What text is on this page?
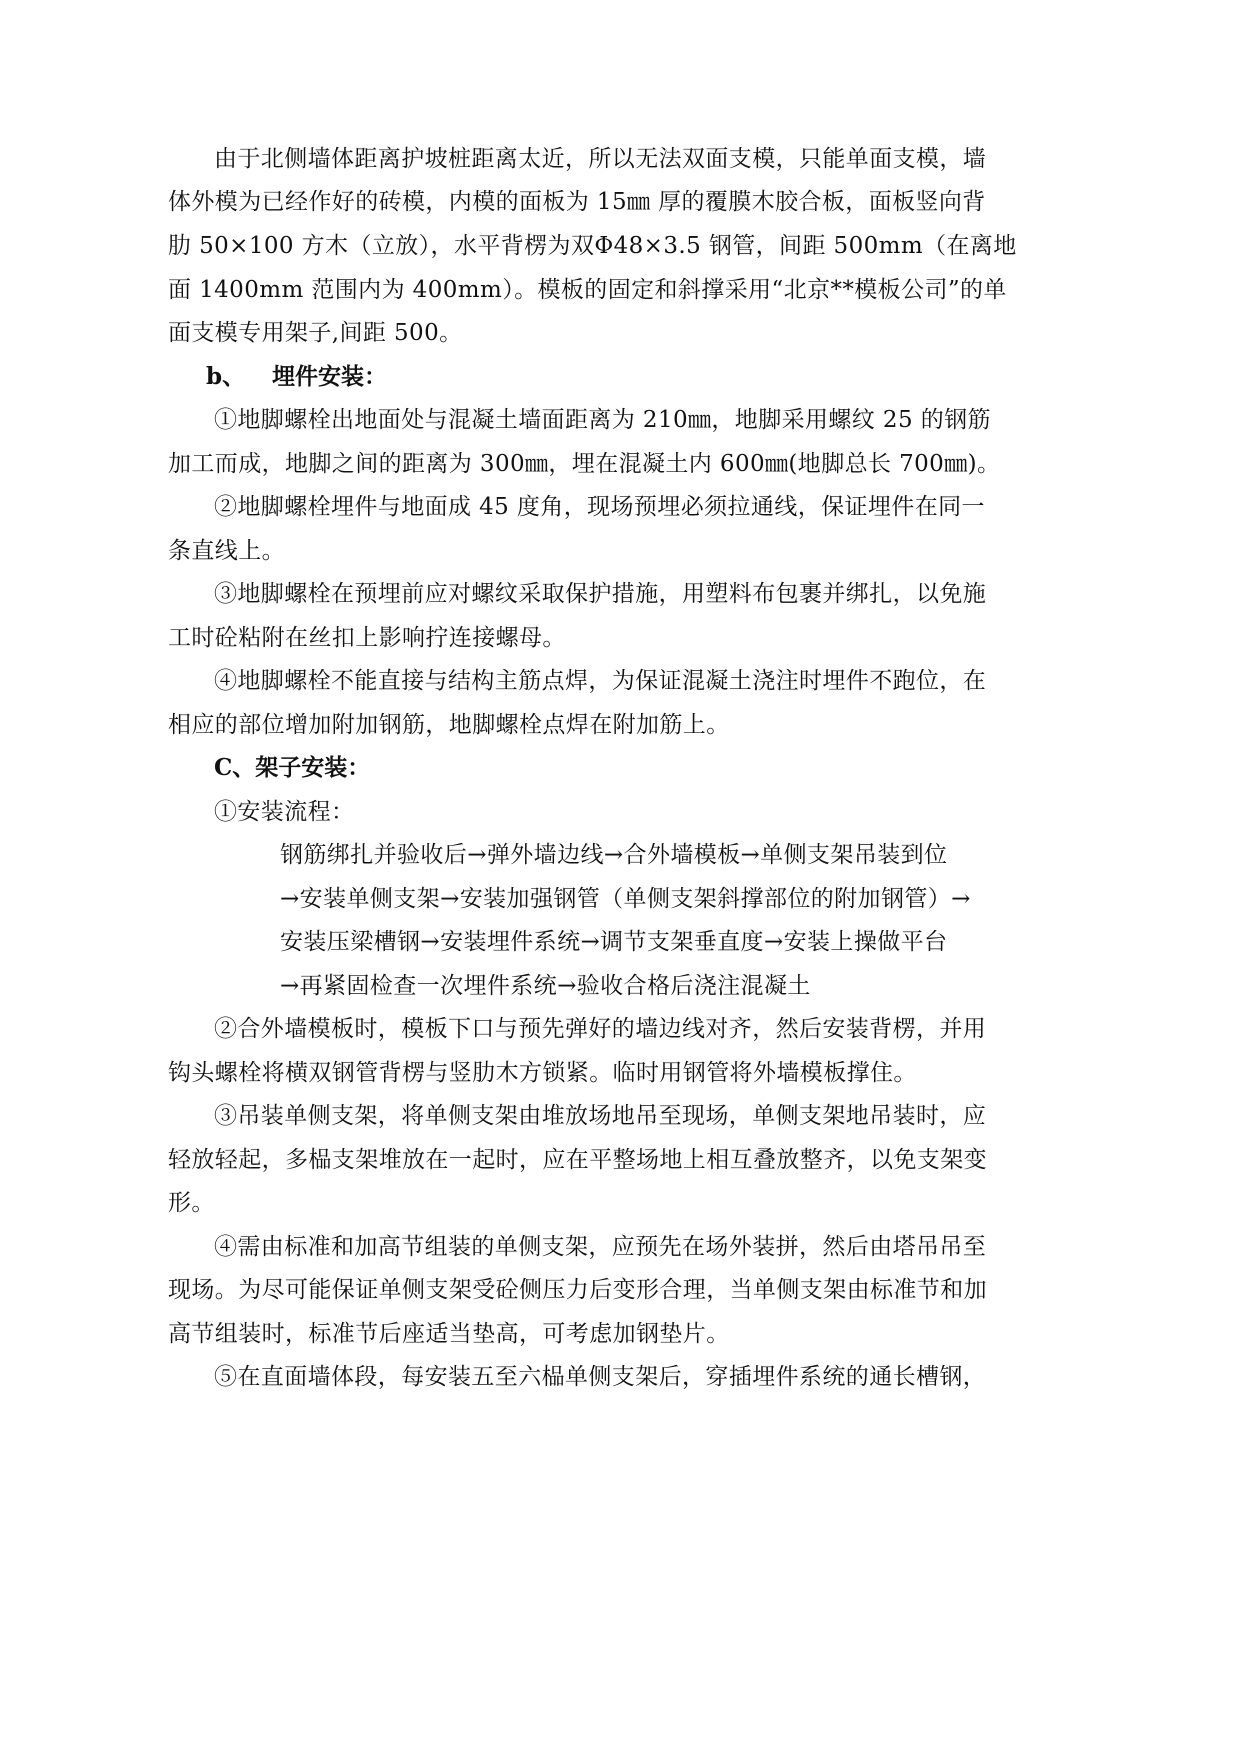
由于北侧墙体距离护坡桩距离太近，所以无法双面支模，只能单面支模，墙
体外模为已经作好的砖模，内模的面板为 15㎜ 厚的覆膜木胶合板，面板竖向背
肋 50×100 方木（立放），水平背楞为双Φ48×3.5 钢管，间距 500mm（在离地
面 1400mm 范围内为 400mm）。模板的固定和斜撑采用“北京**模板公司”的单
面支模专用架子,间距 500。
b、 埋件安装：
①地脚螺栓出地面处与混凝土墙面距离为 210㎜，地脚采用螺纹 25 的钢筋
加工而成，地脚之间的距离为 300㎜，埋在混凝土内 600㎜(地脚总长 700㎜)。
②地脚螺栓埋件与地面成 45 度角，现场预埋必须拉通线，保证埋件在同一
条直线上。
③地脚螺栓在预埋前应对螺纹采取保护措施，用塑料布包裹并绑扎，以免施
工时砼粘附在丝扣上影响拧连接螺母。
④地脚螺栓不能直接与结构主筋点焊，为保证混凝土浇注时埋件不跑位，在
相应的部位增加附加钢筋，地脚螺栓点焊在附加筋上。
C、架子安装：
①安装流程：
钢筋绑扎并验收后→弹外墙边线→合外墙模板→单侧支架吊装到位
→安装单侧支架→安装加强钢管（单侧支架斜撑部位的附加钢管）→
安装压梁槽钢→安装埋件系统→调节支架垂直度→安装上操做平台
→再紧固检查一次埋件系统→验收合格后浇注混凝土
②合外墙模板时，模板下口与预先弹好的墙边线对齐，然后安装背楞，并用
钩头螺栓将横双钢管背楞与竖肋木方锁紧。临时用钢管将外墙模板撑住。
③吊装单侧支架，将单侧支架由堆放场地吊至现场，单侧支架地吊装时，应
轻放轻起，多榀支架堆放在一起时，应在平整场地上相互叠放整齐，以免支架变
形。
④需由标准和加高节组装的单侧支架，应预先在场外装拼，然后由塔吊吊至
现场。为尽可能保证单侧支架受砼侧压力后变形合理，当单侧支架由标准节和加
高节组装时，标准节后座适当垫高，可考虑加钢垫片。
⑤在直面墙体段，每安装五至六榀单侧支架后，穿插埋件系统的通长槽钢，
